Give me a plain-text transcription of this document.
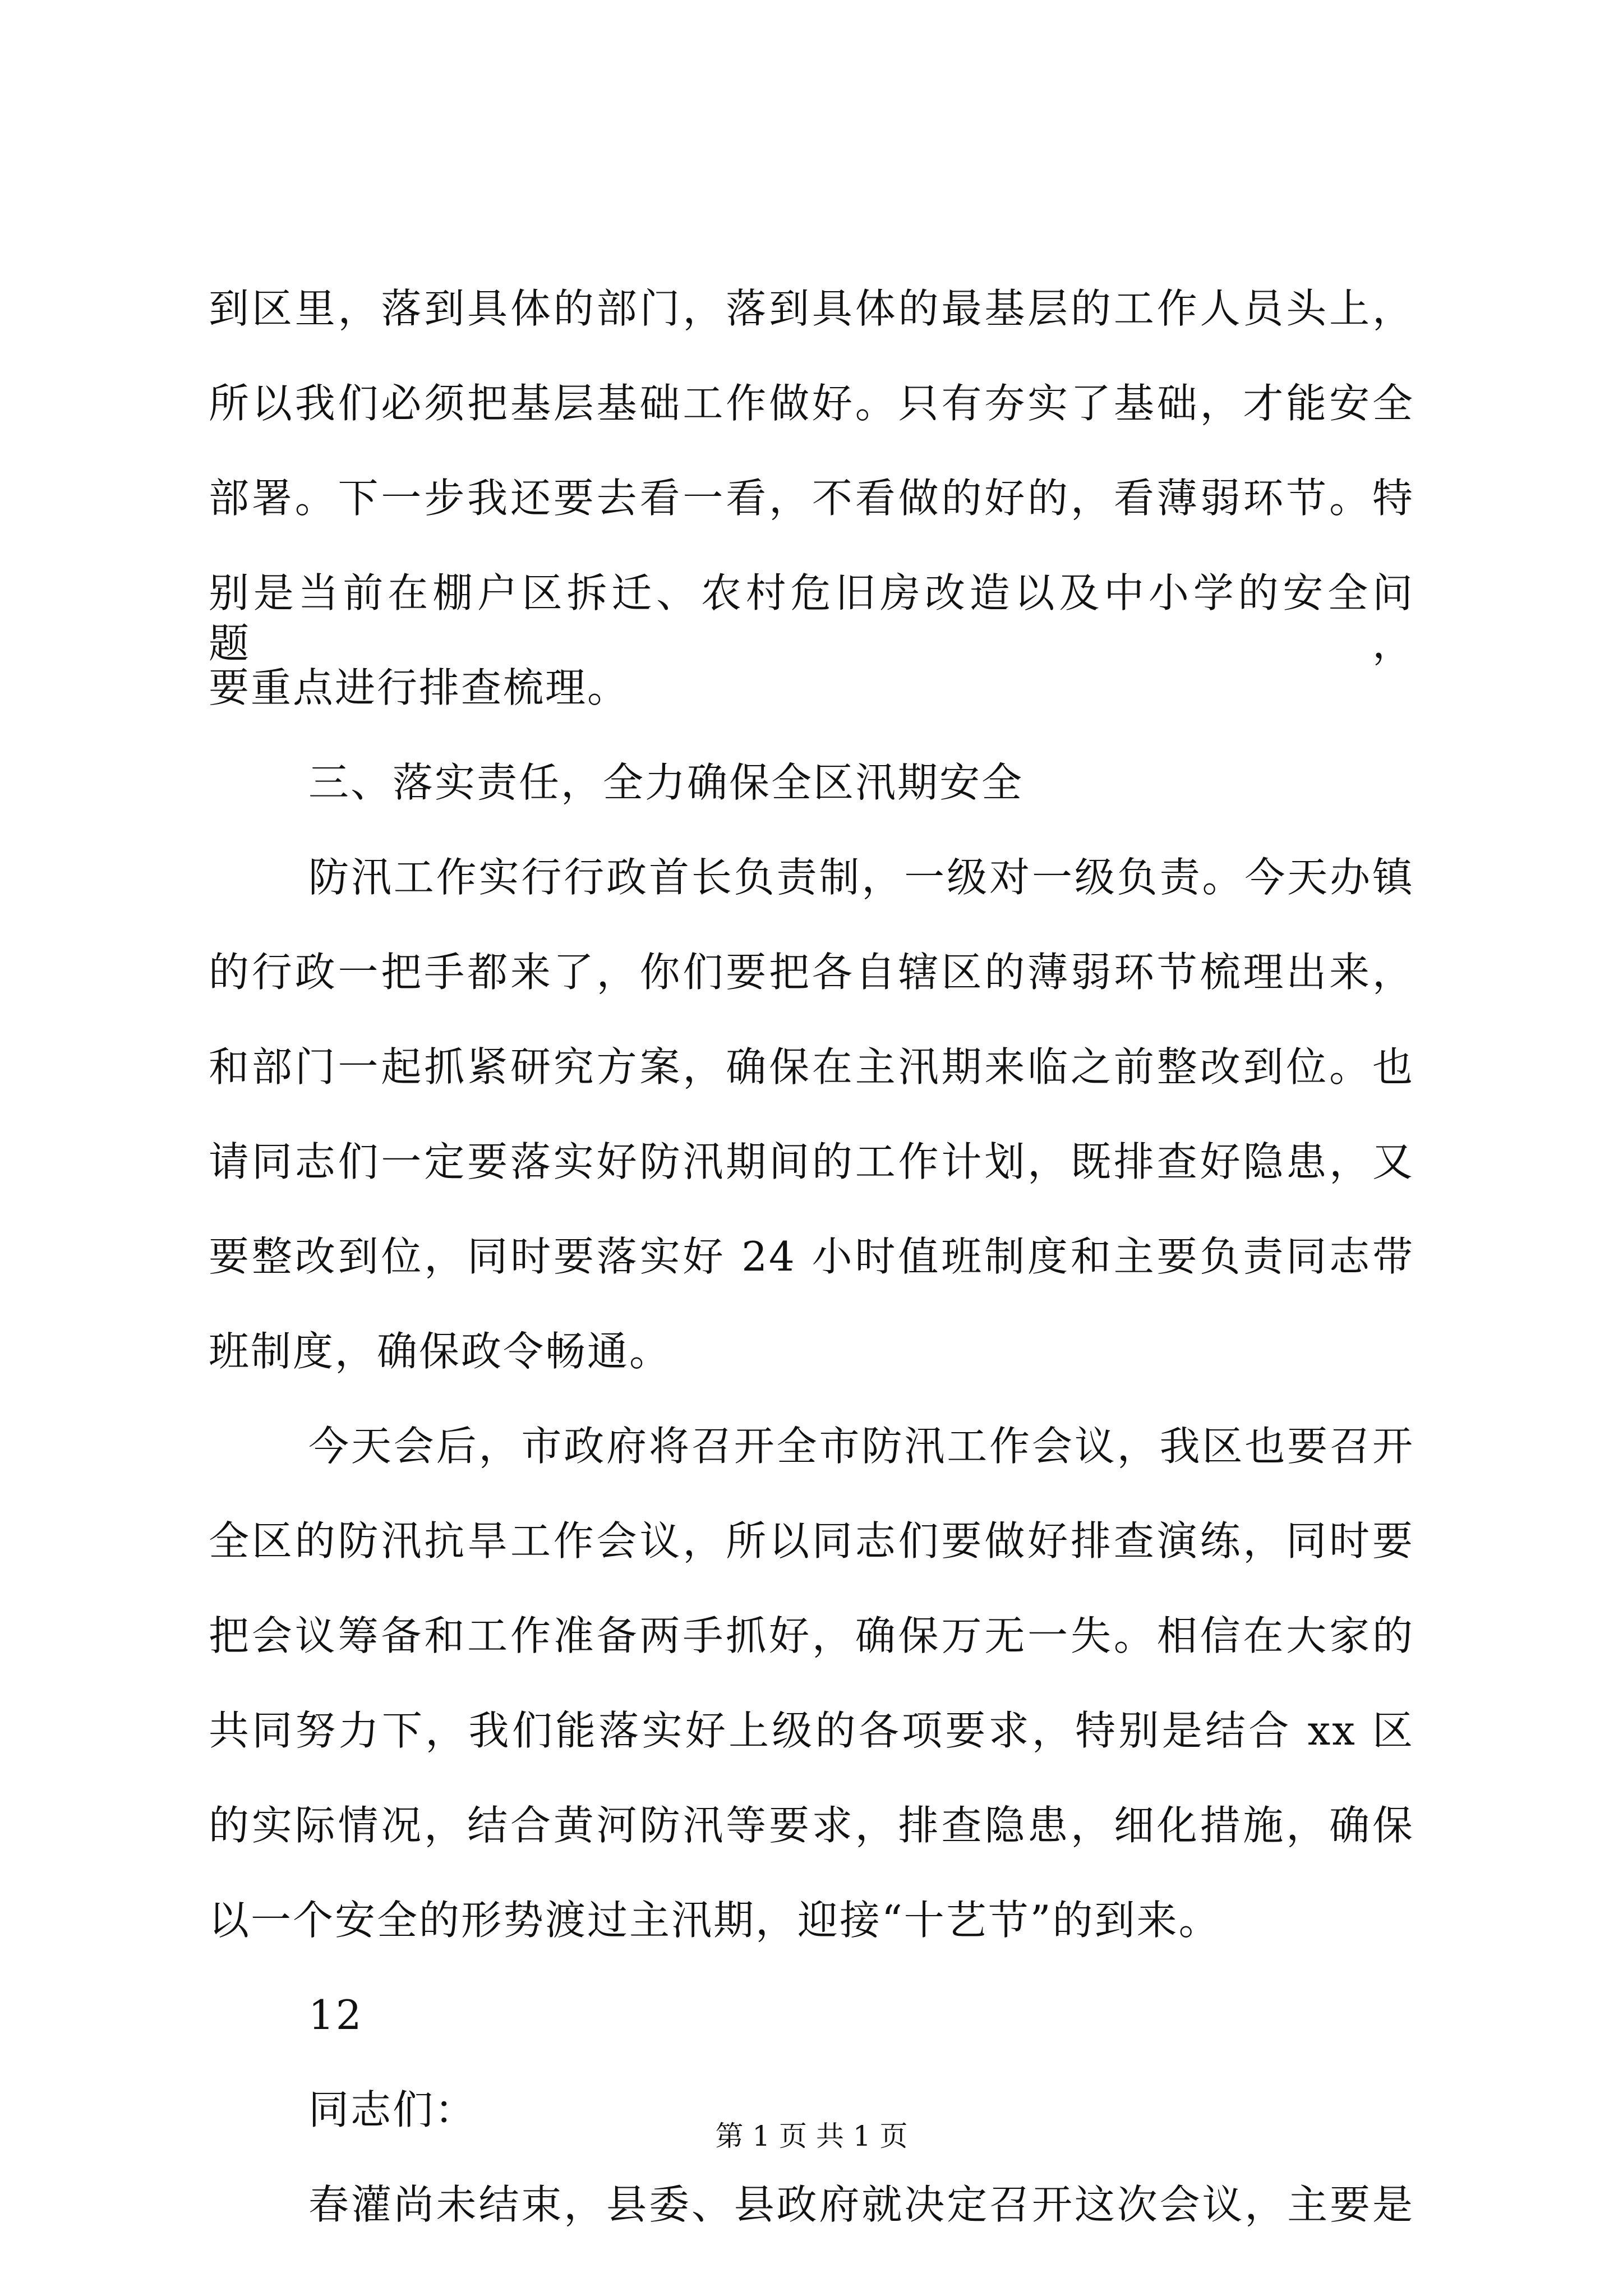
到区里，落到具体的部门，落到具体的最基层的工作人员头上，
所以我们必须把基层基础工作做好。只有夯实了基础，才能安全
部署。下一步我还要去看一看，不看做的好的，看薄弱环节。特
别是当前在棚户区拆迁、农村危旧房改造以及中小学的安全问题，
要重点进行排查梳理。
三、落实责任，全力确保全区汛期安全
防汛工作实行行政首长负责制，一级对一级负责。今天办镇
的行政一把手都来了，你们要把各自辖区的薄弱环节梳理出来，
和部门一起抓紧研究方案，确保在主汛期来临之前整改到位。也
请同志们一定要落实好防汛期间的工作计划，既排查好隐患，又
要整改到位，同时要落实好 24 小时值班制度和主要负责同志带
班制度，确保政令畅通。
今天会后，市政府将召开全市防汛工作会议，我区也要召开
全区的防汛抗旱工作会议，所以同志们要做好排查演练，同时要
把会议筹备和工作准备两手抓好，确保万无一失。相信在大家的
共同努力下，我们能落实好上级的各项要求，特别是结合 xx 区
的实际情况，结合黄河防汛等要求，排查隐患，细化措施，确保
以一个安全的形势渡过主汛期，迎接“十艺节”的到来。
12
同志们：
春灌尚未结束，县委、县政府就决定召开这次会议，主要是
第 1 页 共 1 页
